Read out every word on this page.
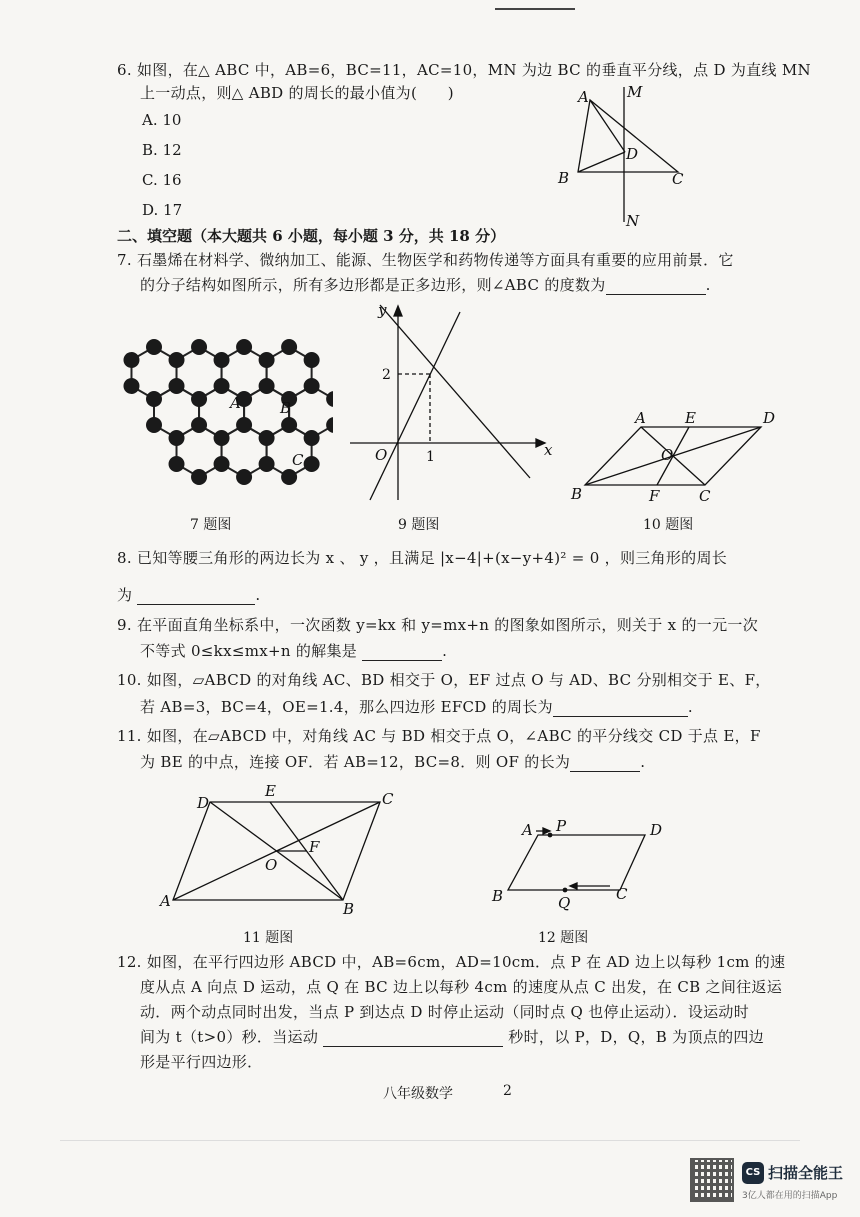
6. 如图，在△ ABC 中，AB=6，BC=11，AC=10，MN 为边 BC 的垂直平分线，点 D 为直线 MN
上一动点，则△ ABD 的周长的最小值为(　　)
A. 10
B. 12
C. 16
D. 17
A	M
D
B	C
N
二、填空题（本大题共 6 小题，每小题 3 分，共 18 分）
7. 石墨烯在材料学、微纳加工、能源、生物医学和药物传递等方面具有重要的应用前景．它
的分子结构如图所示，所有多边形都是正多边形，则∠ABC 的度数为	.
A	B
C
7 题图
y
x
O
2
1
9 题图
A	E	D
O
B	F	C
10 题图
8. 已知等腰三角形的两边长为 x 、 y ，且满足 |x−4|+(x−y+4)² = 0 ，则三角形的周长
为	.
9. 在平面直角坐标系中，一次函数 y=kx 和 y=mx+n 的图象如图所示，则关于 x 的一元一次
不等式 0≤kx≤mx+n 的解集是	.
10. 如图，▱ABCD 的对角线 AC、BD 相交于 O，EF 过点 O 与 AD、BC 分别相交于 E、F，
若 AB=3，BC=4，OE=1.4，那么四边形 EFCD 的周长为	.
11. 如图，在▱ABCD 中，对角线 AC 与 BD 相交于点 O，∠ABC 的平分线交 CD 于点 E，F
为 BE 的中点，连接 OF．若 AB=12，BC=8．则 OF 的长为	.
D
E	C
F
O
A	B
11 题图
A P	D
B	Q	C
12 题图
12. 如图，在平行四边形 ABCD 中，AB=6cm，AD=10cm．点 P 在 AD 边上以每秒 1cm 的速
度从点 A 向点 D 运动，点 Q 在 BC 边上以每秒 4cm 的速度从点 C 出发，在 CB 之间往返运
动．两个动点同时出发，当点 P 到达点 D 时停止运动（同时点 Q 也停止运动）．设运动时
间为 t（t>0）秒．当运动	秒时，以 P，D，Q，B 为顶点的四边
形是平行四边形．
八年级数学	2
CS 扫描全能王
3亿人都在用的扫描App
